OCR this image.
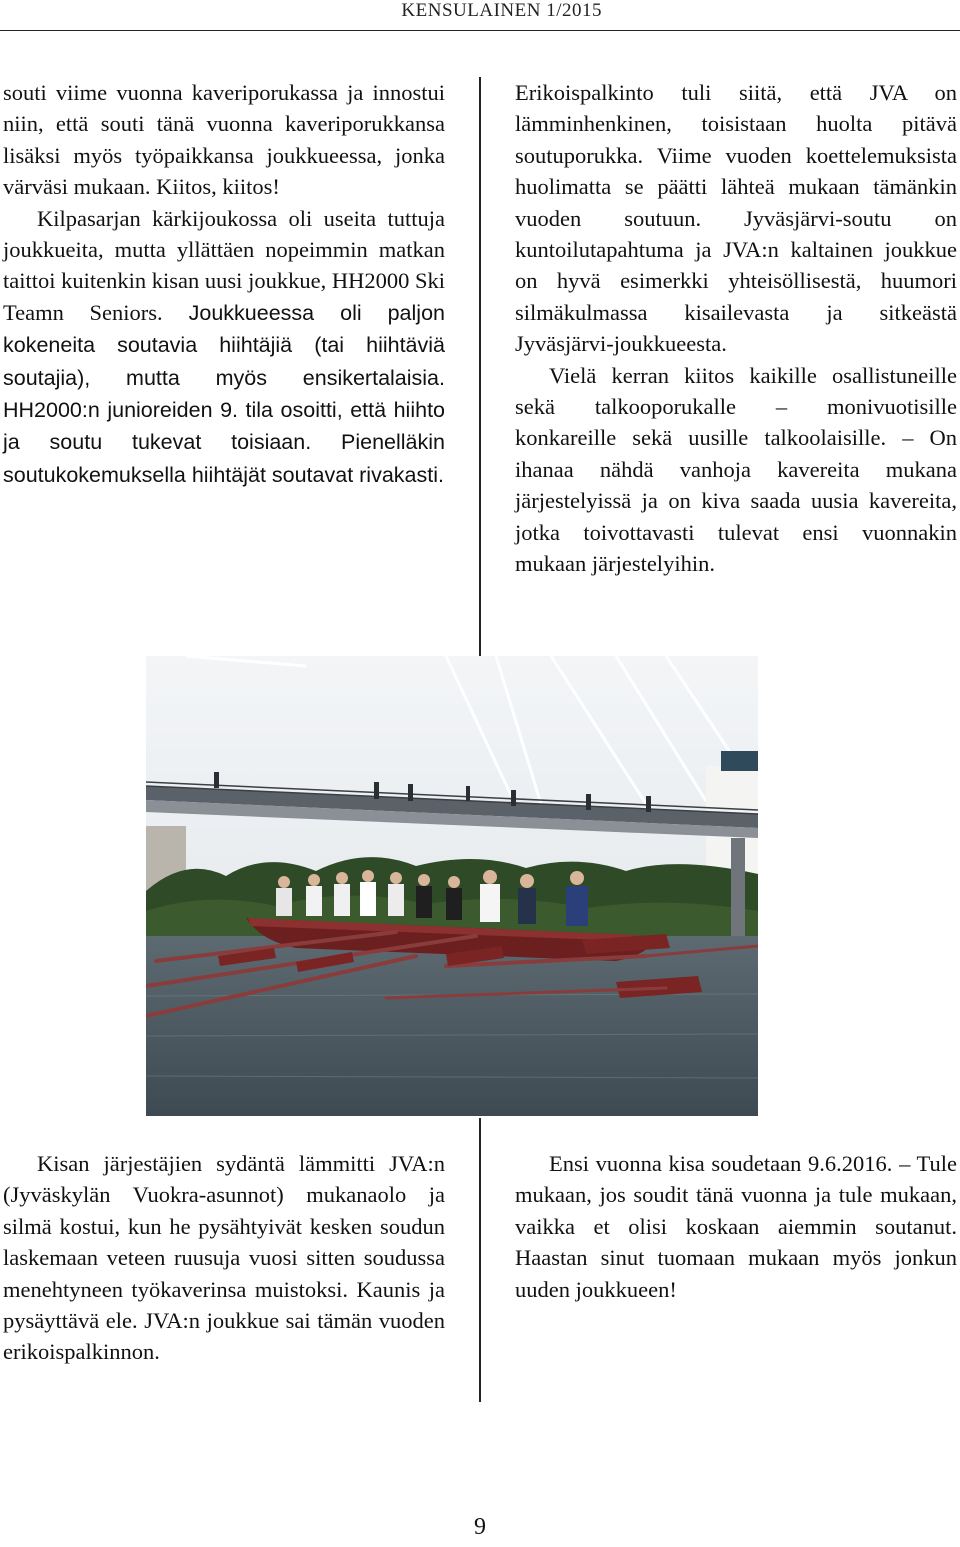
KENSULAINEN 1/2015

souti viime vuonna kaveriporukassa ja innostui niin, että souti tänä vuonna kaveriporukkansa lisäksi myös työpaikkansa joukkueessa, jonka värväsi mukaan. Kiitos, kiitos!

Kilpasarjan kärkijoukossa oli useita tuttuja joukkueita, mutta yllättäen nopeimmin matkan taittoi kuitenkin kisan uusi joukkue, HH2000 Ski Teamn Seniors. Joukkueessa oli paljon kokeneita soutavia hiihtäjiä (tai hiihtäviä soutajia), mutta myös ensikertalaisia. HH2000:n junioreiden 9. tila osoitti, että hiihto ja soutu tukevat toisiaan. Pienelläkin soutukokemuksella hiihtäjät soutavat rivakasti.

Erikoispalkinto tuli siitä, että JVA on lämminhenkinen, toisistaan huolta pitävä soutuporukka. Viime vuoden koettelemuksista huolimatta se päätti lähteä mukaan tämänkin vuoden soutuun. Jyväsjärvi-soutu on kuntoilutapahtuma ja JVA:n kaltainen joukkue on hyvä esimerkki yhteisöllisestä, huumori silmäkulmassa kisailevasta ja sitkeästä Jyväsjärvi-joukkueesta.

Vielä kerran kiitos kaikille osallistuneille sekä talkooporukalle – monivuotisille konkareille sekä uusille talkoolaisille. – On ihanaa nähdä vanhoja kavereita mukana järjestelyissä ja on kiva saada uusia kavereita, jotka toivottavasti tulevat ensi vuonnakin mukaan järjestelyihin.

Kisan järjestäjien sydäntä lämmitti JVA:n (Jyväskylän Vuokra-asunnot) mukanaolo ja silmä kostui, kun he pysähtyivät kesken soudun laskemaan veteen ruusuja vuosi sitten soudussa menehtyneen työkaverinsa muistoksi. Kaunis ja pysäyttävä ele. JVA:n joukkue sai tämän vuoden erikoispalkinnon.

Ensi vuonna kisa soudetaan 9.6.2016. – Tule mukaan, jos soudit tänä vuonna ja tule mukaan, vaikka et olisi koskaan aiemmin soutanut. Haastan sinut tuomaan mukaan myös jonkun uuden joukkueen!

9
